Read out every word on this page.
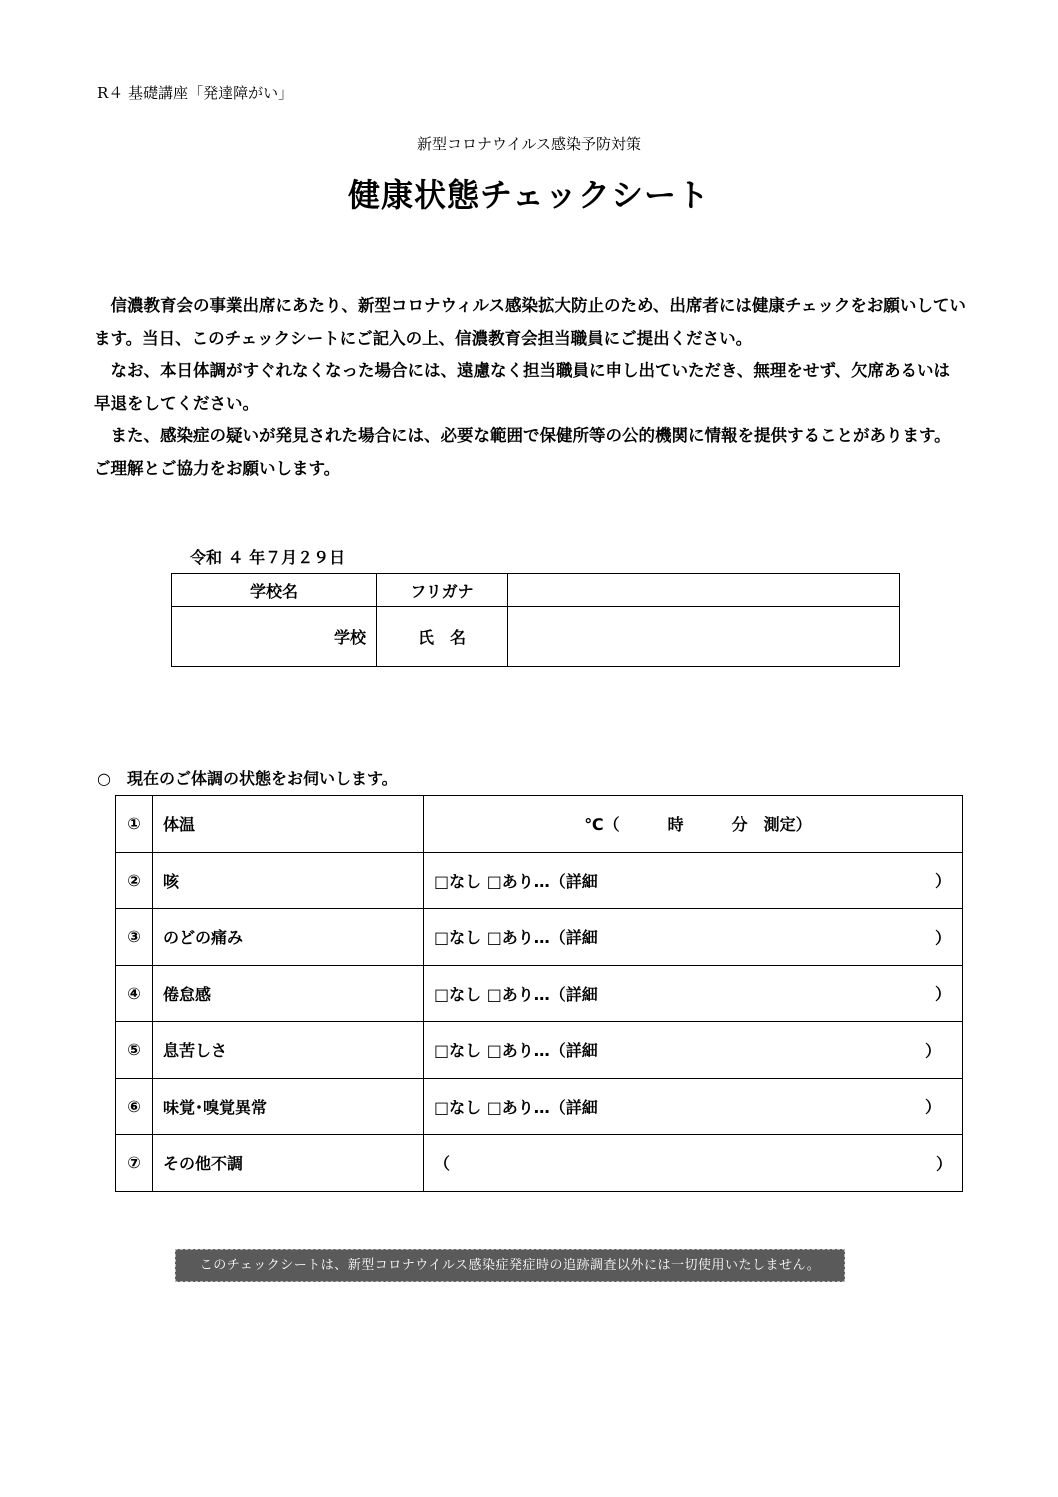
R４ 基礎講座「発達障がい」
新型コロナウイルス感染予防対策
健康状態チェックシート

信濃教育会の事業出席にあたり、新型コロナウィルス感染拡大防止のため、出席者には健康チェックをお願いしています。当日、このチェックシートにご記入の上、信濃教育会担当職員にご提出ください。

なお、本日体調がすぐれなくなった場合には、遠慮なく担当職員に申し出ていただき、無理をせず、欠席あるいは早退をしてください。

また、感染症の疑いが発見された場合には、必要な範囲で保健所等の公的機関に情報を提供することがあります。ご理解とご協力をお願いします。

令和 ４ 年７月２９日
学校名	フリガナ	
学校	氏　名	
○　現在のご体調の状態をお伺いします。
①	体温	℃（　　　時　　　分　測定）
②	咳	□なし □あり…（詳細 ）

③	のどの痛み	□なし □あり…（詳細 ）

④	倦怠感	□なし □あり…（詳細 ）

⑤	息苦しさ	□なし □あり…（詳細 ）

⑥	味覚･嗅覚異常	□なし □あり…（詳細 ）

⑦	その他不調	（ ）
このチェックシートは、新型コロナウイルス感染症発症時の追跡調査以外には一切使用いたしません。
